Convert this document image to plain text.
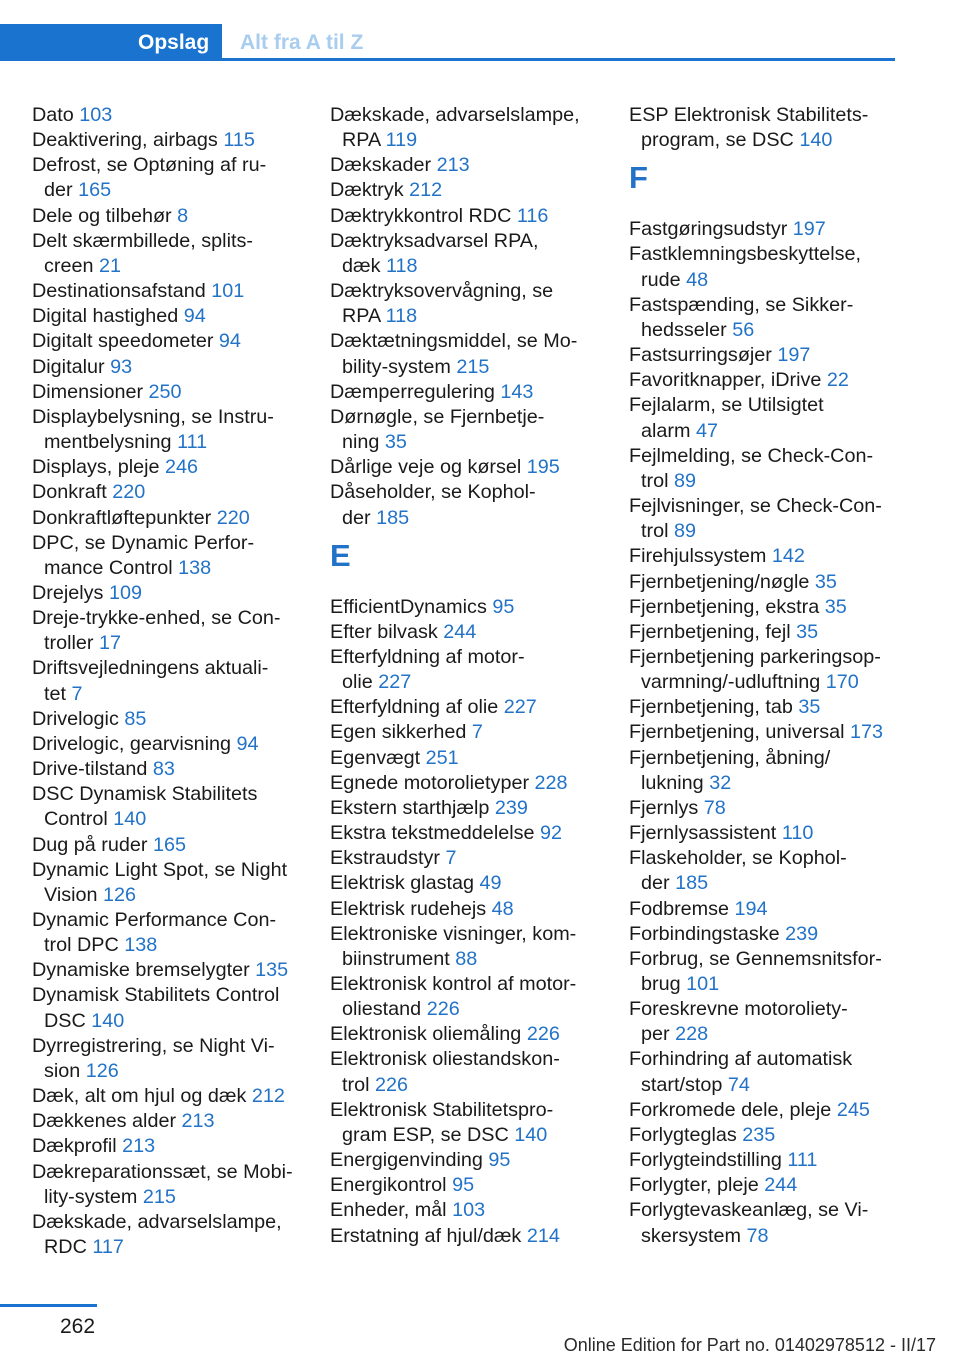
Opslag	Alt fra A til Z
Dato 103
Deaktivering, airbags 115
Defrost, se Optøning af ru-
der 165
Dele og tilbehør 8
Delt skærmbillede, splits-
creen 21
Destinationsafstand 101
Digital hastighed 94
Digitalt speedometer 94
Digitalur 93
Dimensioner 250
Displaybelysning, se Instru-
mentbelysning 111
Displays, pleje 246
Donkraft 220
Donkraftløftepunkter 220
DPC, se Dynamic Perfor-
mance Control 138
Drejelys 109
Dreje-trykke-enhed, se Con-
troller 17
Driftsvejledningens aktuali-
tet 7
Drivelogic 85
Drivelogic, gearvisning 94
Drive-tilstand 83
DSC Dynamisk Stabilitets
Control 140
Dug på ruder 165
Dynamic Light Spot, se Night
Vision 126
Dynamic Performance Con-
trol DPC 138
Dynamiske bremselygter 135
Dynamisk Stabilitets Control
DSC 140
Dyrregistrering, se Night Vi-
sion 126
Dæk, alt om hjul og dæk 212
Dækkenes alder 213
Dækprofil 213
Dækreparationssæt, se Mobi-
lity-system 215
Dækskade, advarselslampe,
RDC 117
Dækskade, advarselslampe,
RPA 119
Dækskader 213
Dæktryk 212
Dæktrykkontrol RDC 116
Dæktryksadvarsel RPA,
dæk 118
Dæktryksovervågning, se
RPA 118
Dæktætningsmiddel, se Mo-
bility-system 215
Dæmperregulering 143
Dørnøgle, se Fjernbetje-
ning 35
Dårlige veje og kørsel 195
Dåseholder, se Kophol-
der 185
E
EfficientDynamics 95
Efter bilvask 244
Efterfyldning af motor-
olie 227
Efterfyldning af olie 227
Egen sikkerhed 7
Egenvægt 251
Egnede motorolietyper 228
Ekstern starthjælp 239
Ekstra tekstmeddelelse 92
Ekstraudstyr 7
Elektrisk glastag 49
Elektrisk rudehejs 48
Elektroniske visninger, kom-
biinstrument 88
Elektronisk kontrol af motor-
oliestand 226
Elektronisk oliemåling 226
Elektronisk oliestandskon-
trol 226
Elektronisk Stabilitetspro-
gram ESP, se DSC 140
Energigenvinding 95
Energikontrol 95
Enheder, mål 103
Erstatning af hjul/dæk 214
ESP Elektronisk Stabilitets-
program, se DSC 140
F
Fastgøringsudstyr 197
Fastklemningsbeskyttelse,
rude 48
Fastspænding, se Sikker-
hedsseler 56
Fastsurringsøjer 197
Favoritknapper, iDrive 22
Fejlalarm, se Utilsigtet
alarm 47
Fejlmelding, se Check-Con-
trol 89
Fejlvisninger, se Check-Con-
trol 89
Firehjulssystem 142
Fjernbetjening/nøgle 35
Fjernbetjening, ekstra 35
Fjernbetjening, fejl 35
Fjernbetjening parkeringsop-
varmning/-udluftning 170
Fjernbetjening, tab 35
Fjernbetjening, universal 173
Fjernbetjening, åbning/
lukning 32
Fjernlys 78
Fjernlysassistent 110
Flaskeholder, se Kophol-
der 185
Fodbremse 194
Forbindingstaske 239
Forbrug, se Gennemsnitsfor-
brug 101
Foreskrevne motoroliety-
per 228
Forhindring af automatisk
start/stop 74
Forkromede dele, pleje 245
Forlygteglas 235
Forlygteindstilling 111
Forlygter, pleje 244
Forlygtevaskeanlæg, se Vi-
skersystem 78
262
Online Edition for Part no. 01402978512 - II/17
